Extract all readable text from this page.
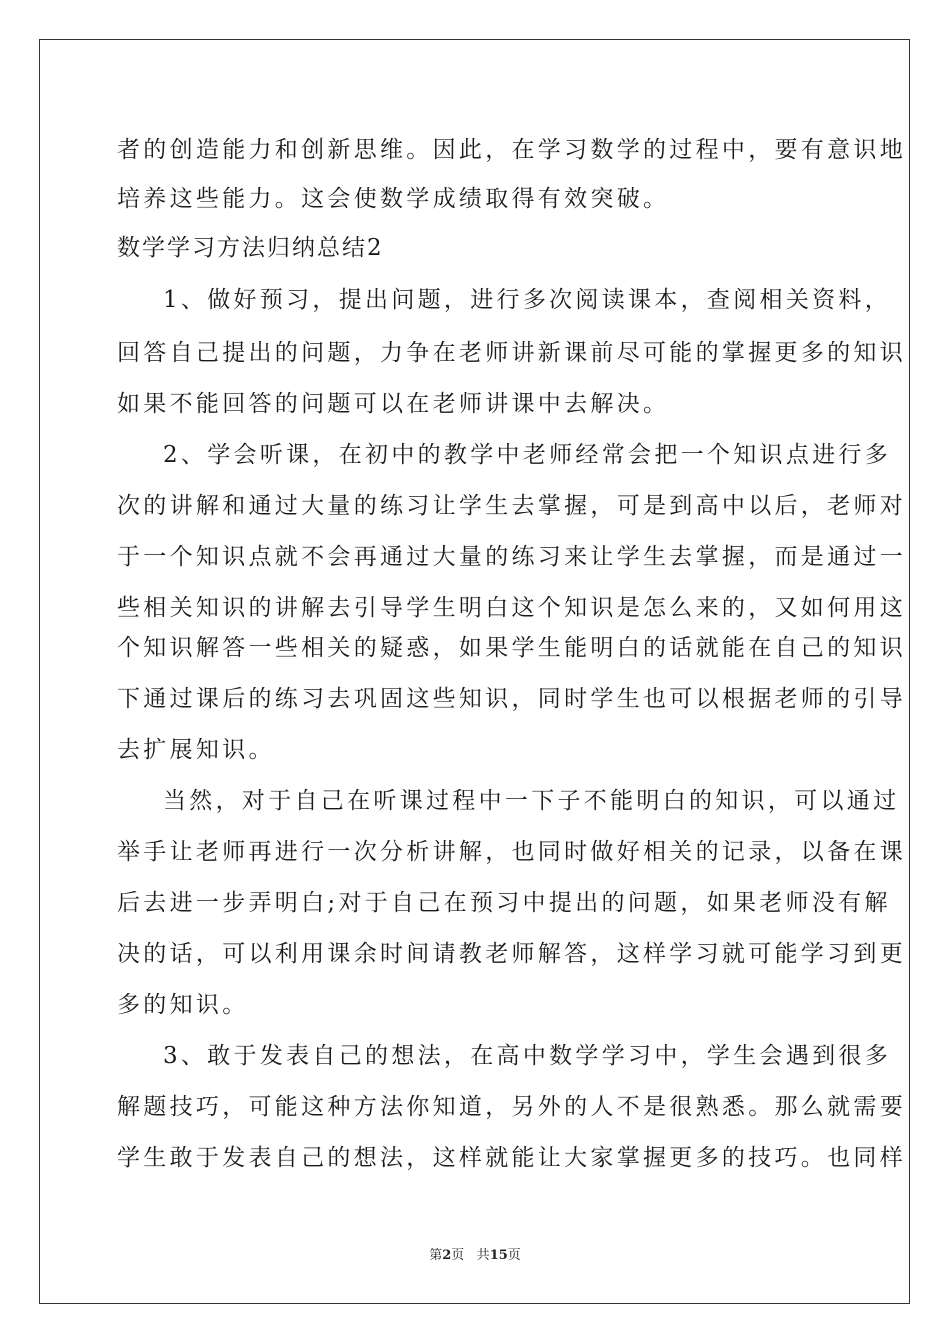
者的创造能力和创新思维。因此，在学习数学的过程中，要有意识地
培养这些能力。这会使数学成绩取得有效突破。
数学学习方法归纳总结2
1、做好预习，提出问题，进行多次阅读课本，查阅相关资料，
回答自己提出的问题，力争在老师讲新课前尽可能的掌握更多的知识
如果不能回答的问题可以在老师讲课中去解决。
2、学会听课，在初中的教学中老师经常会把一个知识点进行多
次的讲解和通过大量的练习让学生去掌握，可是到高中以后，老师对
于一个知识点就不会再通过大量的练习来让学生去掌握，而是通过一
些相关知识的讲解去引导学生明白这个知识是怎么来的，又如何用这
个知识解答一些相关的疑惑，如果学生能明白的话就能在自己的知识
下通过课后的练习去巩固这些知识，同时学生也可以根据老师的引导
去扩展知识。
当然，对于自己在听课过程中一下子不能明白的知识，可以通过
举手让老师再进行一次分析讲解，也同时做好相关的记录，以备在课
后去进一步弄明白;对于自己在预习中提出的问题，如果老师没有解
决的话，可以利用课余时间请教老师解答，这样学习就可能学习到更
多的知识。
3、敢于发表自己的想法，在高中数学学习中，学生会遇到很多
解题技巧，可能这种方法你知道，另外的人不是很熟悉。那么就需要
学生敢于发表自己的想法，这样就能让大家掌握更多的技巧。也同样
第2页 共15页
